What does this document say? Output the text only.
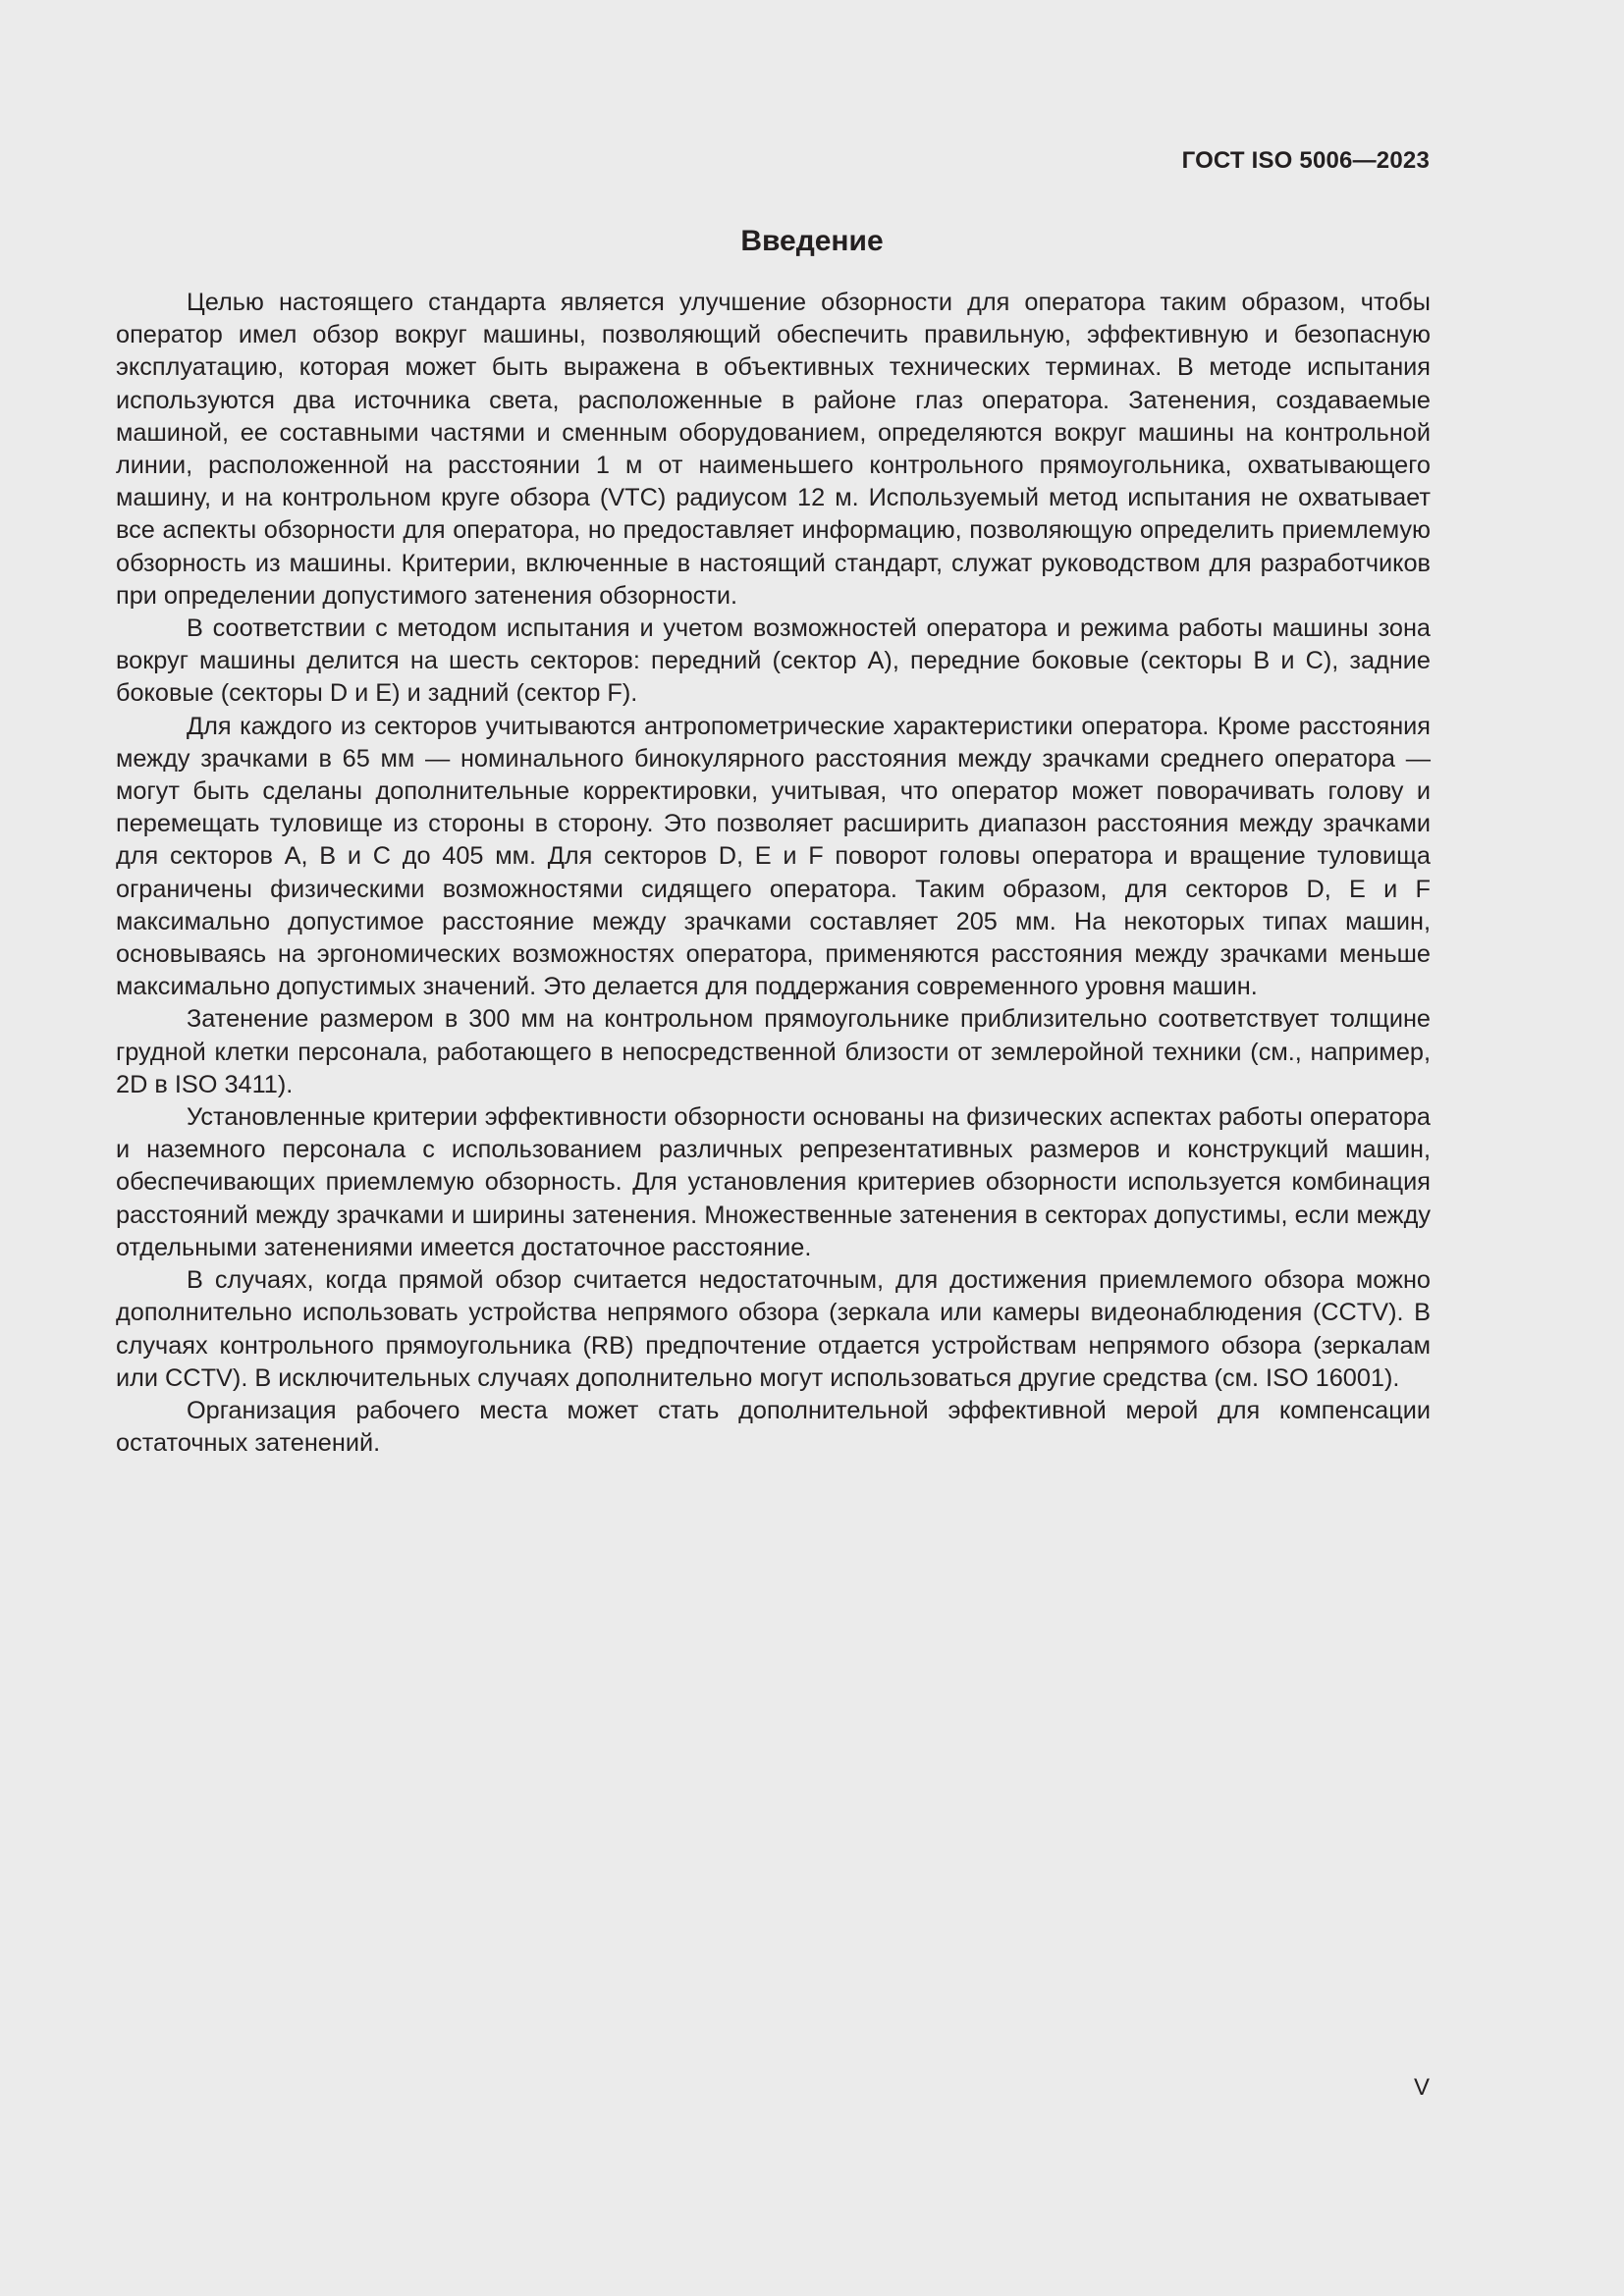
ГОСТ ISO 5006—2023
Введение

Целью настоящего стандарта является улучшение обзорности для оператора таким образом, чтобы оператор имел обзор вокруг машины, позволяющий обеспечить правильную, эффективную и безопасную эксплуатацию, которая может быть выражена в объективных технических терминах. В методе испытания используются два источника света, расположенные в районе глаз оператора. Затенения, создаваемые машиной, ее составными частями и сменным оборудованием, определяются вокруг машины на контрольной линии, расположенной на расстоянии 1 м от наименьшего контрольного прямоугольника, охватывающего машину, и на контрольном круге обзора (VTC) радиусом 12 м. Используемый метод испытания не охватывает все аспекты обзорности для оператора, но предоставляет информацию, позволяющую определить приемлемую обзорность из машины. Критерии, включенные в настоящий стандарт, служат руководством для разработчиков при определении допустимого затенения обзорности.

В соответствии с методом испытания и учетом возможностей оператора и режима работы машины зона вокруг машины делится на шесть секторов: передний (сектор A), передние боковые (секторы B и C), задние боковые (секторы D и E) и задний (сектор F).

Для каждого из секторов учитываются антропометрические характеристики оператора. Кроме расстояния между зрачками в 65 мм — номинального бинокулярного расстояния между зрачками среднего оператора — могут быть сделаны дополнительные корректировки, учитывая, что оператор может поворачивать голову и перемещать туловище из стороны в сторону. Это позволяет расширить диапазон расстояния между зрачками для секторов A, B и C до 405 мм. Для секторов D, E и F поворот головы оператора и вращение туловища ограничены физическими возможностями сидящего оператора. Таким образом, для секторов D, E и F максимально допустимое расстояние между зрачками составляет 205 мм. На некоторых типах машин, основываясь на эргономических возможностях оператора, применяются расстояния между зрачками меньше максимально допустимых значений. Это делается для поддержания современного уровня машин.

Затенение размером в 300 мм на контрольном прямоугольнике приблизительно соответствует толщине грудной клетки персонала, работающего в непосредственной близости от землеройной техники (см., например, 2D в ISO 3411).

Установленные критерии эффективности обзорности основаны на физических аспектах работы оператора и наземного персонала с использованием различных репрезентативных размеров и конструкций машин, обеспечивающих приемлемую обзорность. Для установления критериев обзорности используется комбинация расстояний между зрачками и ширины затенения. Множественные затенения в секторах допустимы, если между отдельными затенениями имеется достаточное расстояние.

В случаях, когда прямой обзор считается недостаточным, для достижения приемлемого обзора можно дополнительно использовать устройства непрямого обзора (зеркала или камеры видеонаблюдения (CCTV). В случаях контрольного прямоугольника (RB) предпочтение отдается устройствам непрямого обзора (зеркалам или CCTV). В исключительных случаях дополнительно могут использоваться другие средства (см. ISO 16001).

Организация рабочего места может стать дополнительной эффективной мерой для компенсации остаточных затенений.

V
